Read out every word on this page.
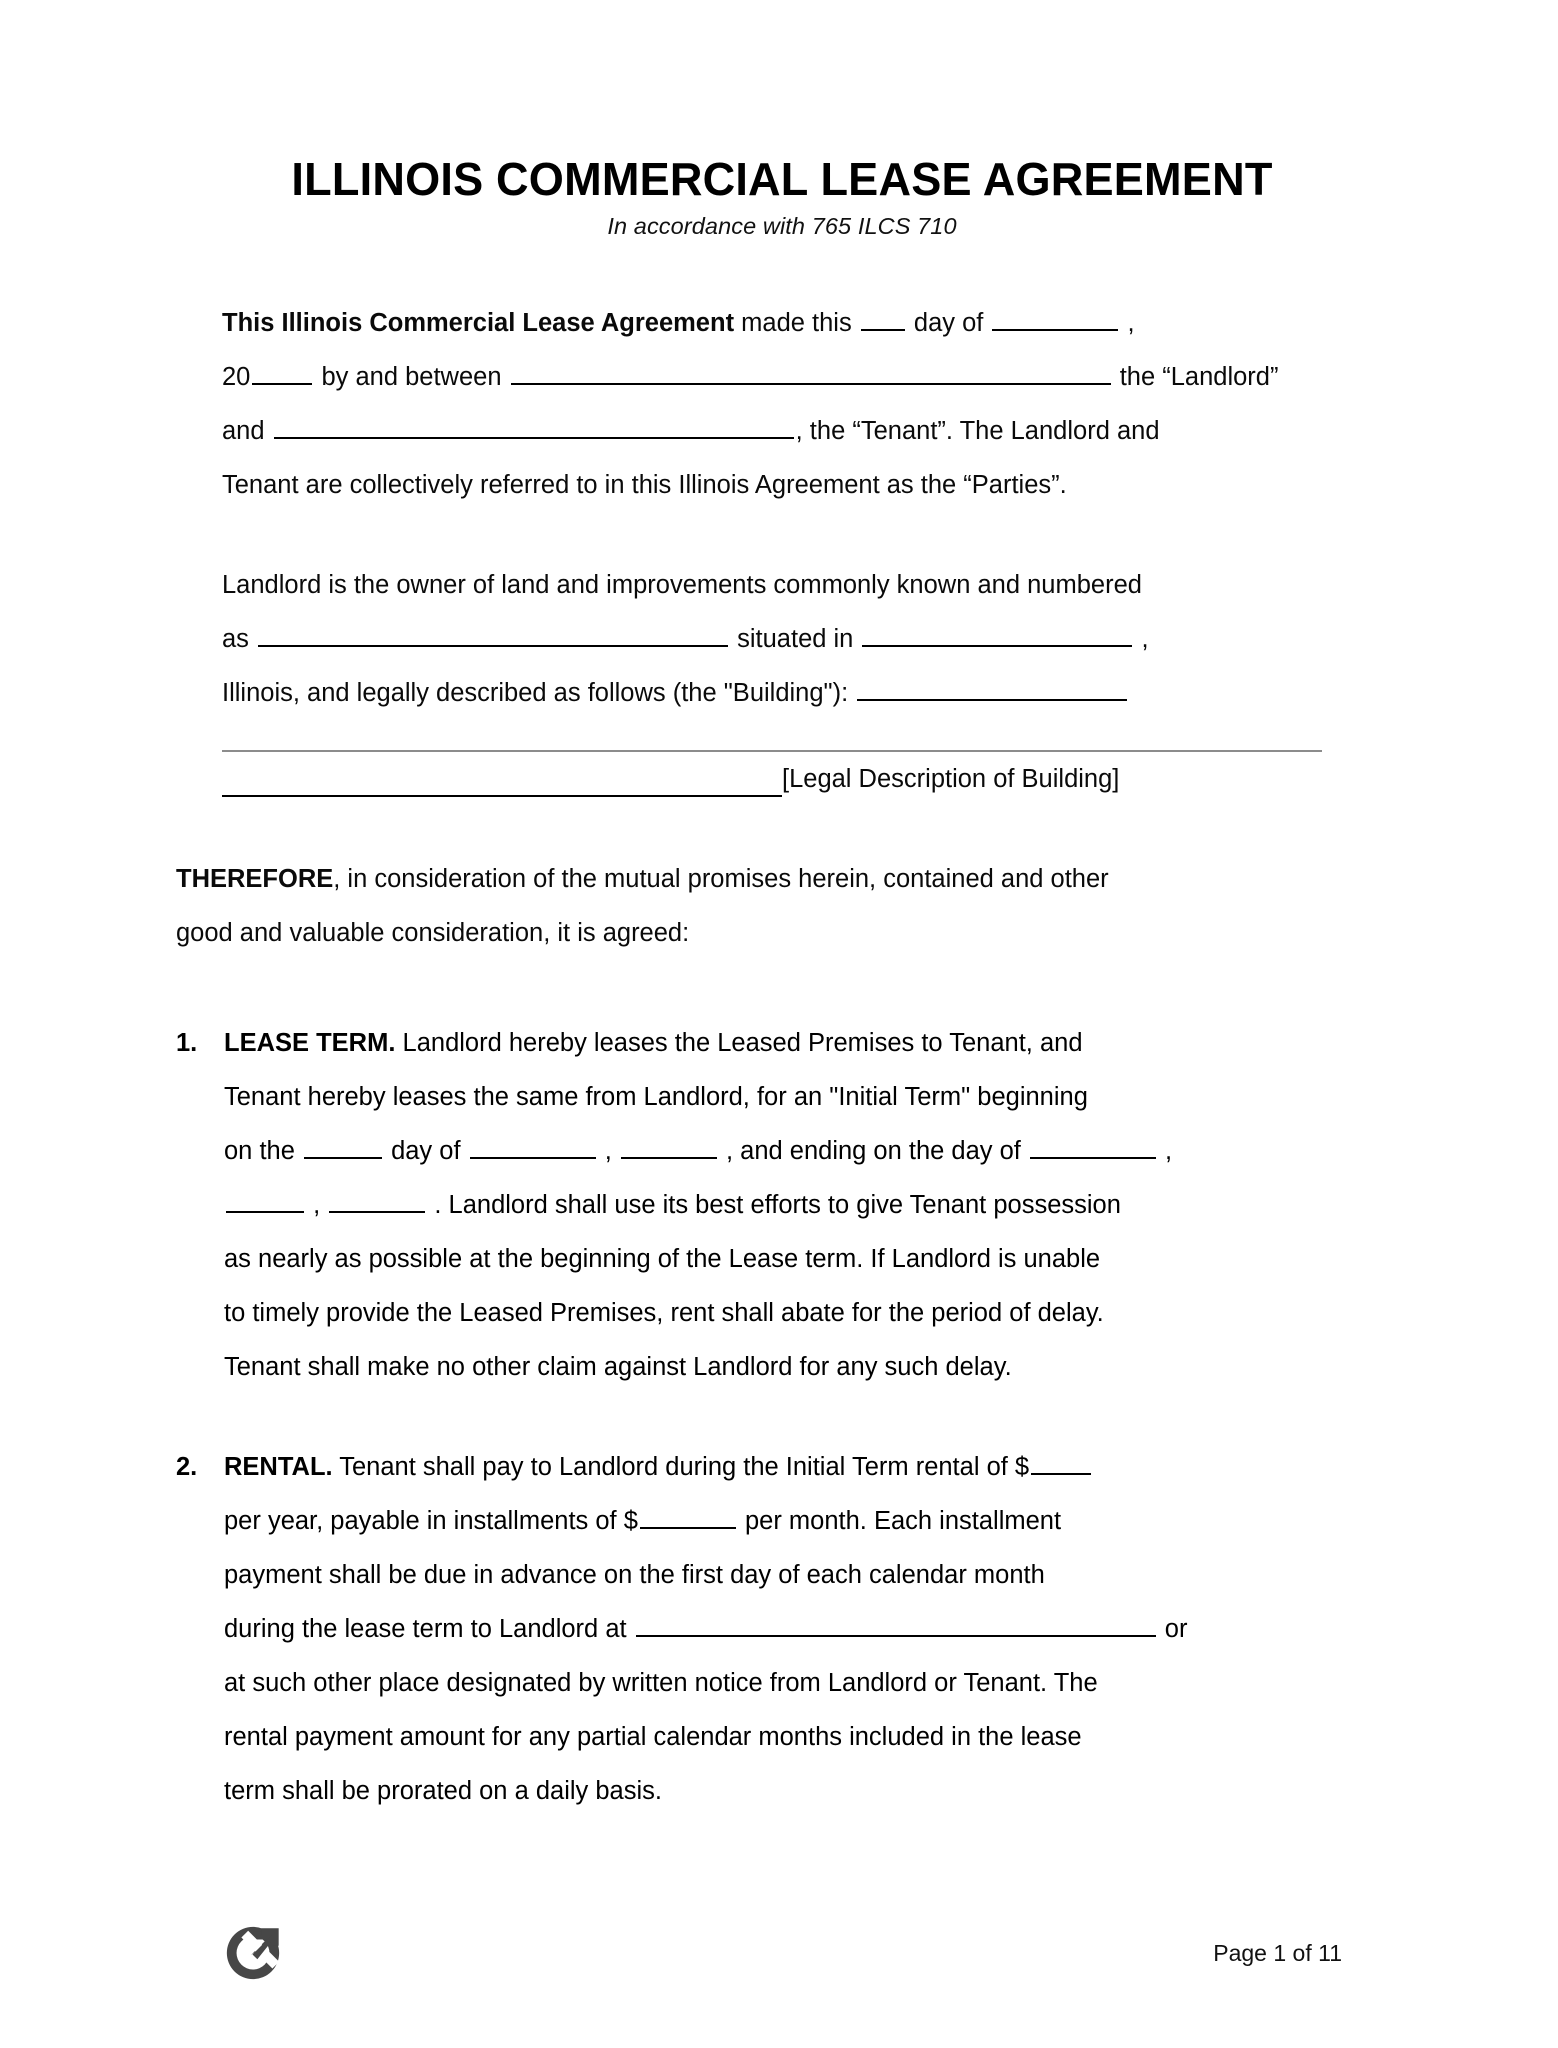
ILLINOIS COMMERCIAL LEASE AGREEMENT
In accordance with 765 ILCS 710

This Illinois Commercial Lease Agreement made this  day of	,

20	by and between	the “Landlord”

and	, the “Tenant”. The Landlord and

Tenant are collectively referred to in this Illinois Agreement as the “Parties”.

Landlord is the owner of land and improvements commonly known and numbered

as	situated in	,

Illinois, and legally described as follows (the "Building"):

[Legal Description of Building]

THEREFORE, in consideration of the mutual promises herein, contained and other

good and valuable consideration, it is agreed:

1.	LEASE TERM. Landlord hereby leases the Leased Premises to Tenant, and

Tenant hereby leases the same from Landlord, for an "Initial Term" beginning

on the	day of	,	, and ending on the day of	,

,	. Landlord shall use its best efforts to give Tenant possession

as nearly as possible at the beginning of the Lease term. If Landlord is unable

to timely provide the Leased Premises, rent shall abate for the period of delay.

Tenant shall make no other claim against Landlord for any such delay.

2.	RENTAL. Tenant shall pay to Landlord during the Initial Term rental of $

per year, payable in installments of $	per month. Each installment

payment shall be due in advance on the first day of each calendar month

during the lease term to Landlord at	or

at such other place designated by written notice from Landlord or Tenant. The

rental payment amount for any partial calendar months included in the lease

term shall be prorated on a daily basis.

Page 1 of 11
